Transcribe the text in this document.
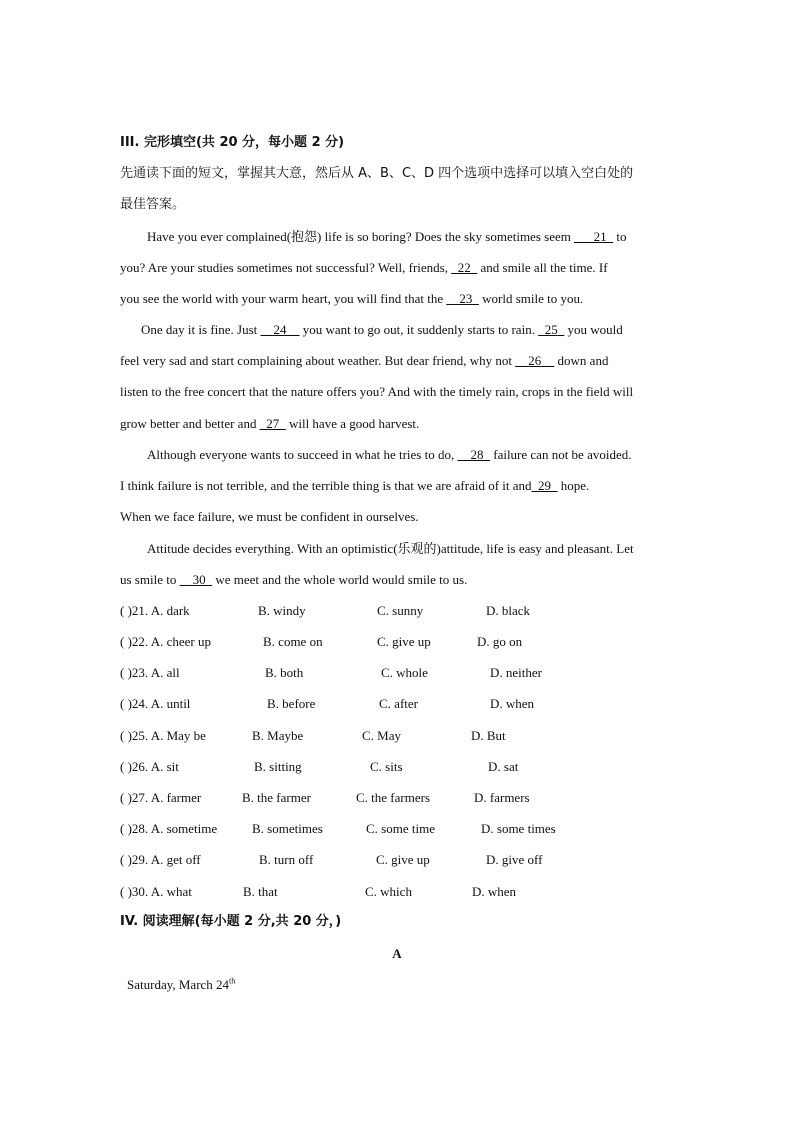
III. 完形填空(共 20 分，每小题 2 分)
先通读下面的短文，掌握其大意，然后从 A、B、C、D 四个选项中选择可以填入空白处的
最佳答案。
Have you ever complained(抱怨) life is so boring? Does the sky sometimes seem ___21_ to
you? Are your studies sometimes not successful? Well, friends, _22_ and smile all the time. If
you see the world with your warm heart, you will find that the __23_ world smile to you.
One day it is fine. Just __24__ you want to go out, it suddenly starts to rain. _25_ you would
feel very sad and start complaining about weather. But dear friend, why not __26__ down and
listen to the free concert that the nature offers you? And with the timely rain, crops in the field will
grow better and better and _27_ will have a good harvest.
Although everyone wants to succeed in what he tries to do, __28_ failure can not be avoided.
I think failure is not terrible, and the terrible thing is that we are afraid of it and_29_ hope.
When we face failure, we must be confident in ourselves.
Attitude decides everything. With an optimistic(乐观的)attitude, life is easy and pleasant. Let
us smile to __30_ we meet and the whole world would smile to us.
( )21. A. dark	B. windy	C. sunny	D. black
( )22. A. cheer up	B. come on	C. give up	D. go on
( )23. A. all	B. both	C. whole	D. neither
( )24. A. until	B. before	C. after	D. when
( )25. A. May be	B. Maybe	C. May	D. But
( )26. A. sit	B. sitting	C. sits	D. sat
( )27. A. farmer	B. the farmer	C. the farmers	D. farmers
( )28. A. sometime	B. sometimes	C. some time	D. some times
( )29. A. get off	B. turn off	C. give up	D. give off
( )30. A. what	B. that	C. which	D. when
IV. 阅读理解(每小题 2 分,共 20 分，)
A
Saturday, March 24th
